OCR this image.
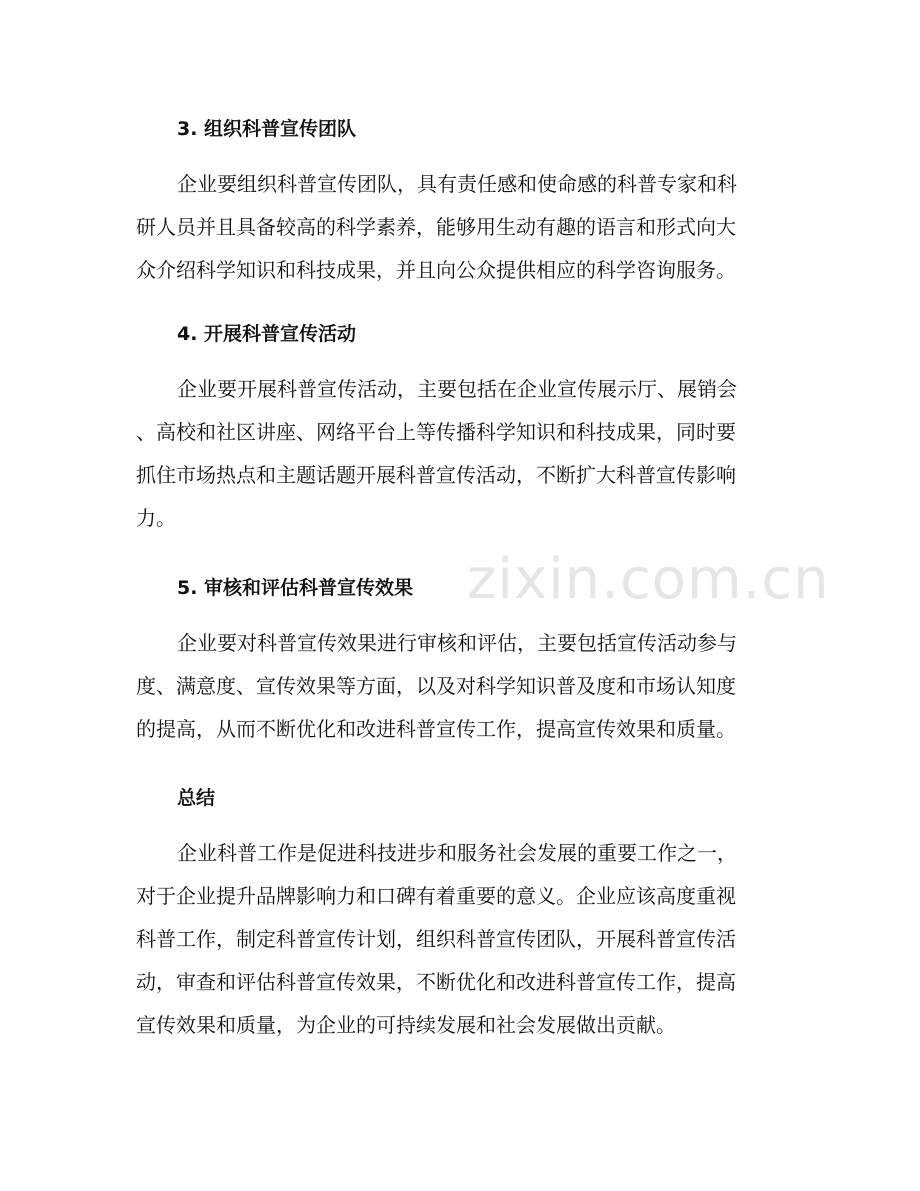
3. 组织科普宣传团队
企业要组织科普宣传团队，具有责任感和使命感的科普专家和科
研人员并且具备较高的科学素养，能够用生动有趣的语言和形式向大
众介绍科学知识和科技成果，并且向公众提供相应的科学咨询服务。
4. 开展科普宣传活动
企业要开展科普宣传活动，主要包括在企业宣传展示厅、展销会
、高校和社区讲座、网络平台上等传播科学知识和科技成果，同时要
抓住市场热点和主题话题开展科普宣传活动，不断扩大科普宣传影响
力。
zixin.com.cn
5. 审核和评估科普宣传效果
企业要对科普宣传效果进行审核和评估，主要包括宣传活动参与
度、满意度、宣传效果等方面，以及对科学知识普及度和市场认知度
的提高，从而不断优化和改进科普宣传工作，提高宣传效果和质量。
总结
企业科普工作是促进科技进步和服务社会发展的重要工作之一，
对于企业提升品牌影响力和口碑有着重要的意义。企业应该高度重视
科普工作，制定科普宣传计划，组织科普宣传团队，开展科普宣传活
动，审查和评估科普宣传效果，不断优化和改进科普宣传工作，提高
宣传效果和质量，为企业的可持续发展和社会发展做出贡献。
